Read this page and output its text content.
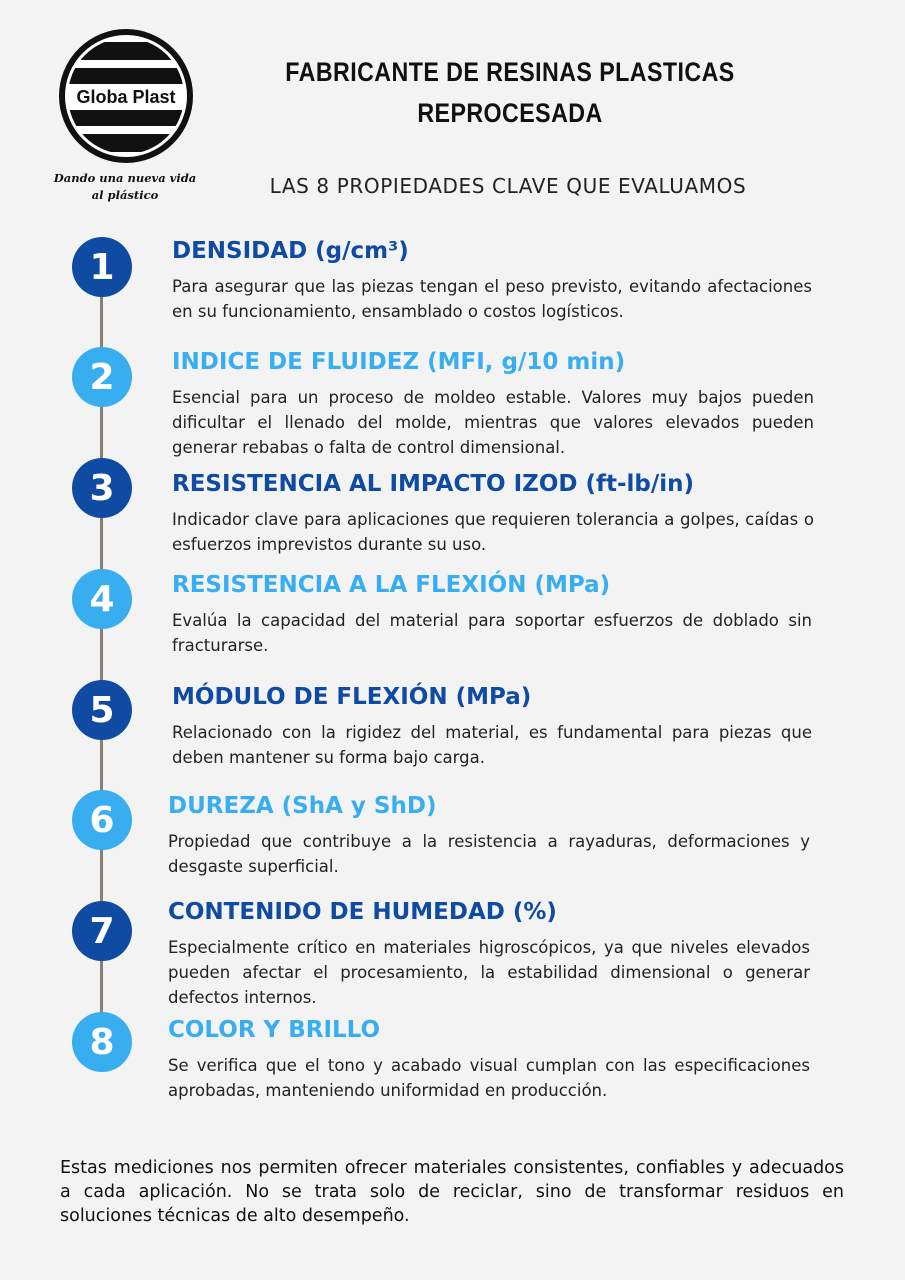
Globa Plast
Dando una nueva vida
al plástico
FABRICANTE DE RESINAS PLASTICAS
REPROCESADA
LAS 8 PROPIEDADES CLAVE QUE EVALUAMOS
1	DENSIDAD (g/cm³)
Para asegurar que las piezas tengan el peso previsto, evitando afectaciones en su funcionamiento, ensamblado o costos logísticos.
2	INDICE DE FLUIDEZ (MFI, g/10 min)
Esencial para un proceso de moldeo estable. Valores muy bajos pueden dificultar el llenado del molde, mientras que valores elevados pueden generar rebabas o falta de control dimensional.
3	RESISTENCIA AL IMPACTO IZOD (ft-lb/in)
Indicador clave para aplicaciones que requieren tolerancia a golpes, caídas o esfuerzos imprevistos durante su uso.
4	RESISTENCIA A LA FLEXIÓN (MPa)
Evalúa la capacidad del material para soportar esfuerzos de doblado sin fracturarse.
5	MÓDULO DE FLEXIÓN (MPa)
Relacionado con la rigidez del material, es fundamental para piezas que deben mantener su forma bajo carga.
6	DUREZA (ShA y ShD)
Propiedad que contribuye a la resistencia a rayaduras, deformaciones y desgaste superficial.
7	CONTENIDO DE HUMEDAD (%)
Especialmente crítico en materiales higroscópicos, ya que niveles elevados pueden afectar el procesamiento, la estabilidad dimensional o generar defectos internos.
8	COLOR Y BRILLO
Se verifica que el tono y acabado visual cumplan con las especificaciones aprobadas, manteniendo uniformidad en producción.
Estas mediciones nos permiten ofrecer materiales consistentes, confiables y adecuados a cada aplicación. No se trata solo de reciclar, sino de transformar residuos en soluciones técnicas de alto desempeño.
